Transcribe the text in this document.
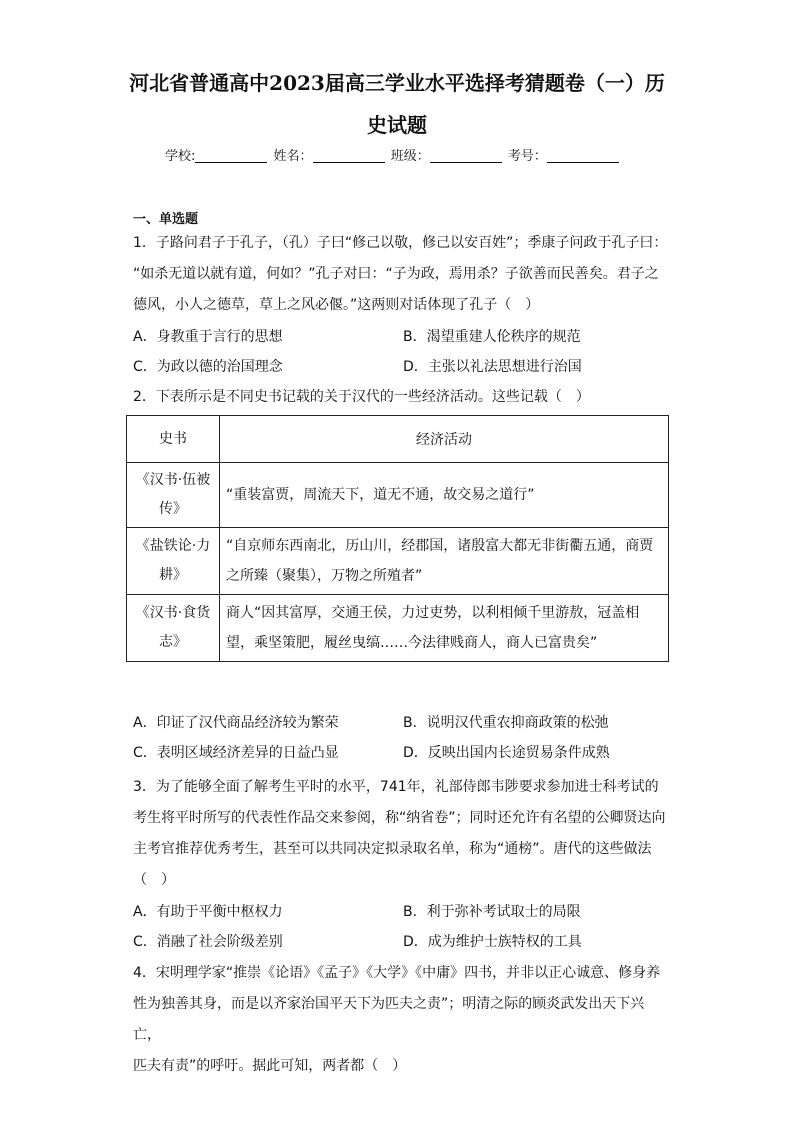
河北省普通高中2023届高三学业水平选择考猜题卷（一）历
史试题
学校:	姓名：	班级：	考号：
一、单选题
1．子路问君子于孔子，（孔）子曰“修己以敬，修己以安百姓”；季康子问政于孔子曰：
“如杀无道以就有道，何如？”孔子对曰：“子为政，焉用杀？子欲善而民善矣。君子之
德风，小人之德草，草上之风必偃。”这两则对话体现了孔子（　）
A．身教重于言行的思想	B．渴望重建人伦秩序的规范
C．为政以德的治国理念	D．主张以礼法思想进行治国
2．下表所示是不同史书记载的关于汉代的一些经济活动。这些记载（　）
史书	经济活动
《汉书·伍被传》	“重装富贾，周流天下，道无不通，故交易之道行”
《盐铁论·力耕》	“自京师东西南北，历山川，经郡国，诸殷富大都无非街衢五通，商贾之所臻（聚集），万物之所殖者”
《汉书·食货志》	商人“因其富厚，交通王侯，力过吏势，以利相倾千里游敖，冠盖相望，乘坚策肥，履丝曳缟……今法律贱商人，商人已富贵矣”
A．印证了汉代商品经济较为繁荣	B．说明汉代重农抑商政策的松弛
C．表明区域经济差异的日益凸显	D．反映出国内长途贸易条件成熟
3．为了能够全面了解考生平时的水平，741年，礼部侍郎韦陟要求参加进士科考试的
考生将平时所写的代表性作品交来参阅，称“纳省卷”；同时还允许有名望的公卿贤达向
主考官推荐优秀考生，甚至可以共同决定拟录取名单，称为“通榜”。唐代的这些做法
（　）
A．有助于平衡中枢权力	B．利于弥补考试取士的局限
C．消融了社会阶级差别	D．成为维护士族特权的工具
4．宋明理学家“推崇《论语》《孟子》《大学》《中庸》四书，并非以正心诚意、修身养
性为独善其身，而是以齐家治国平天下为匹夫之责”；明清之际的顾炎武发出天下兴亡，
匹夫有责”的呼吁。据此可知，两者都（　）
